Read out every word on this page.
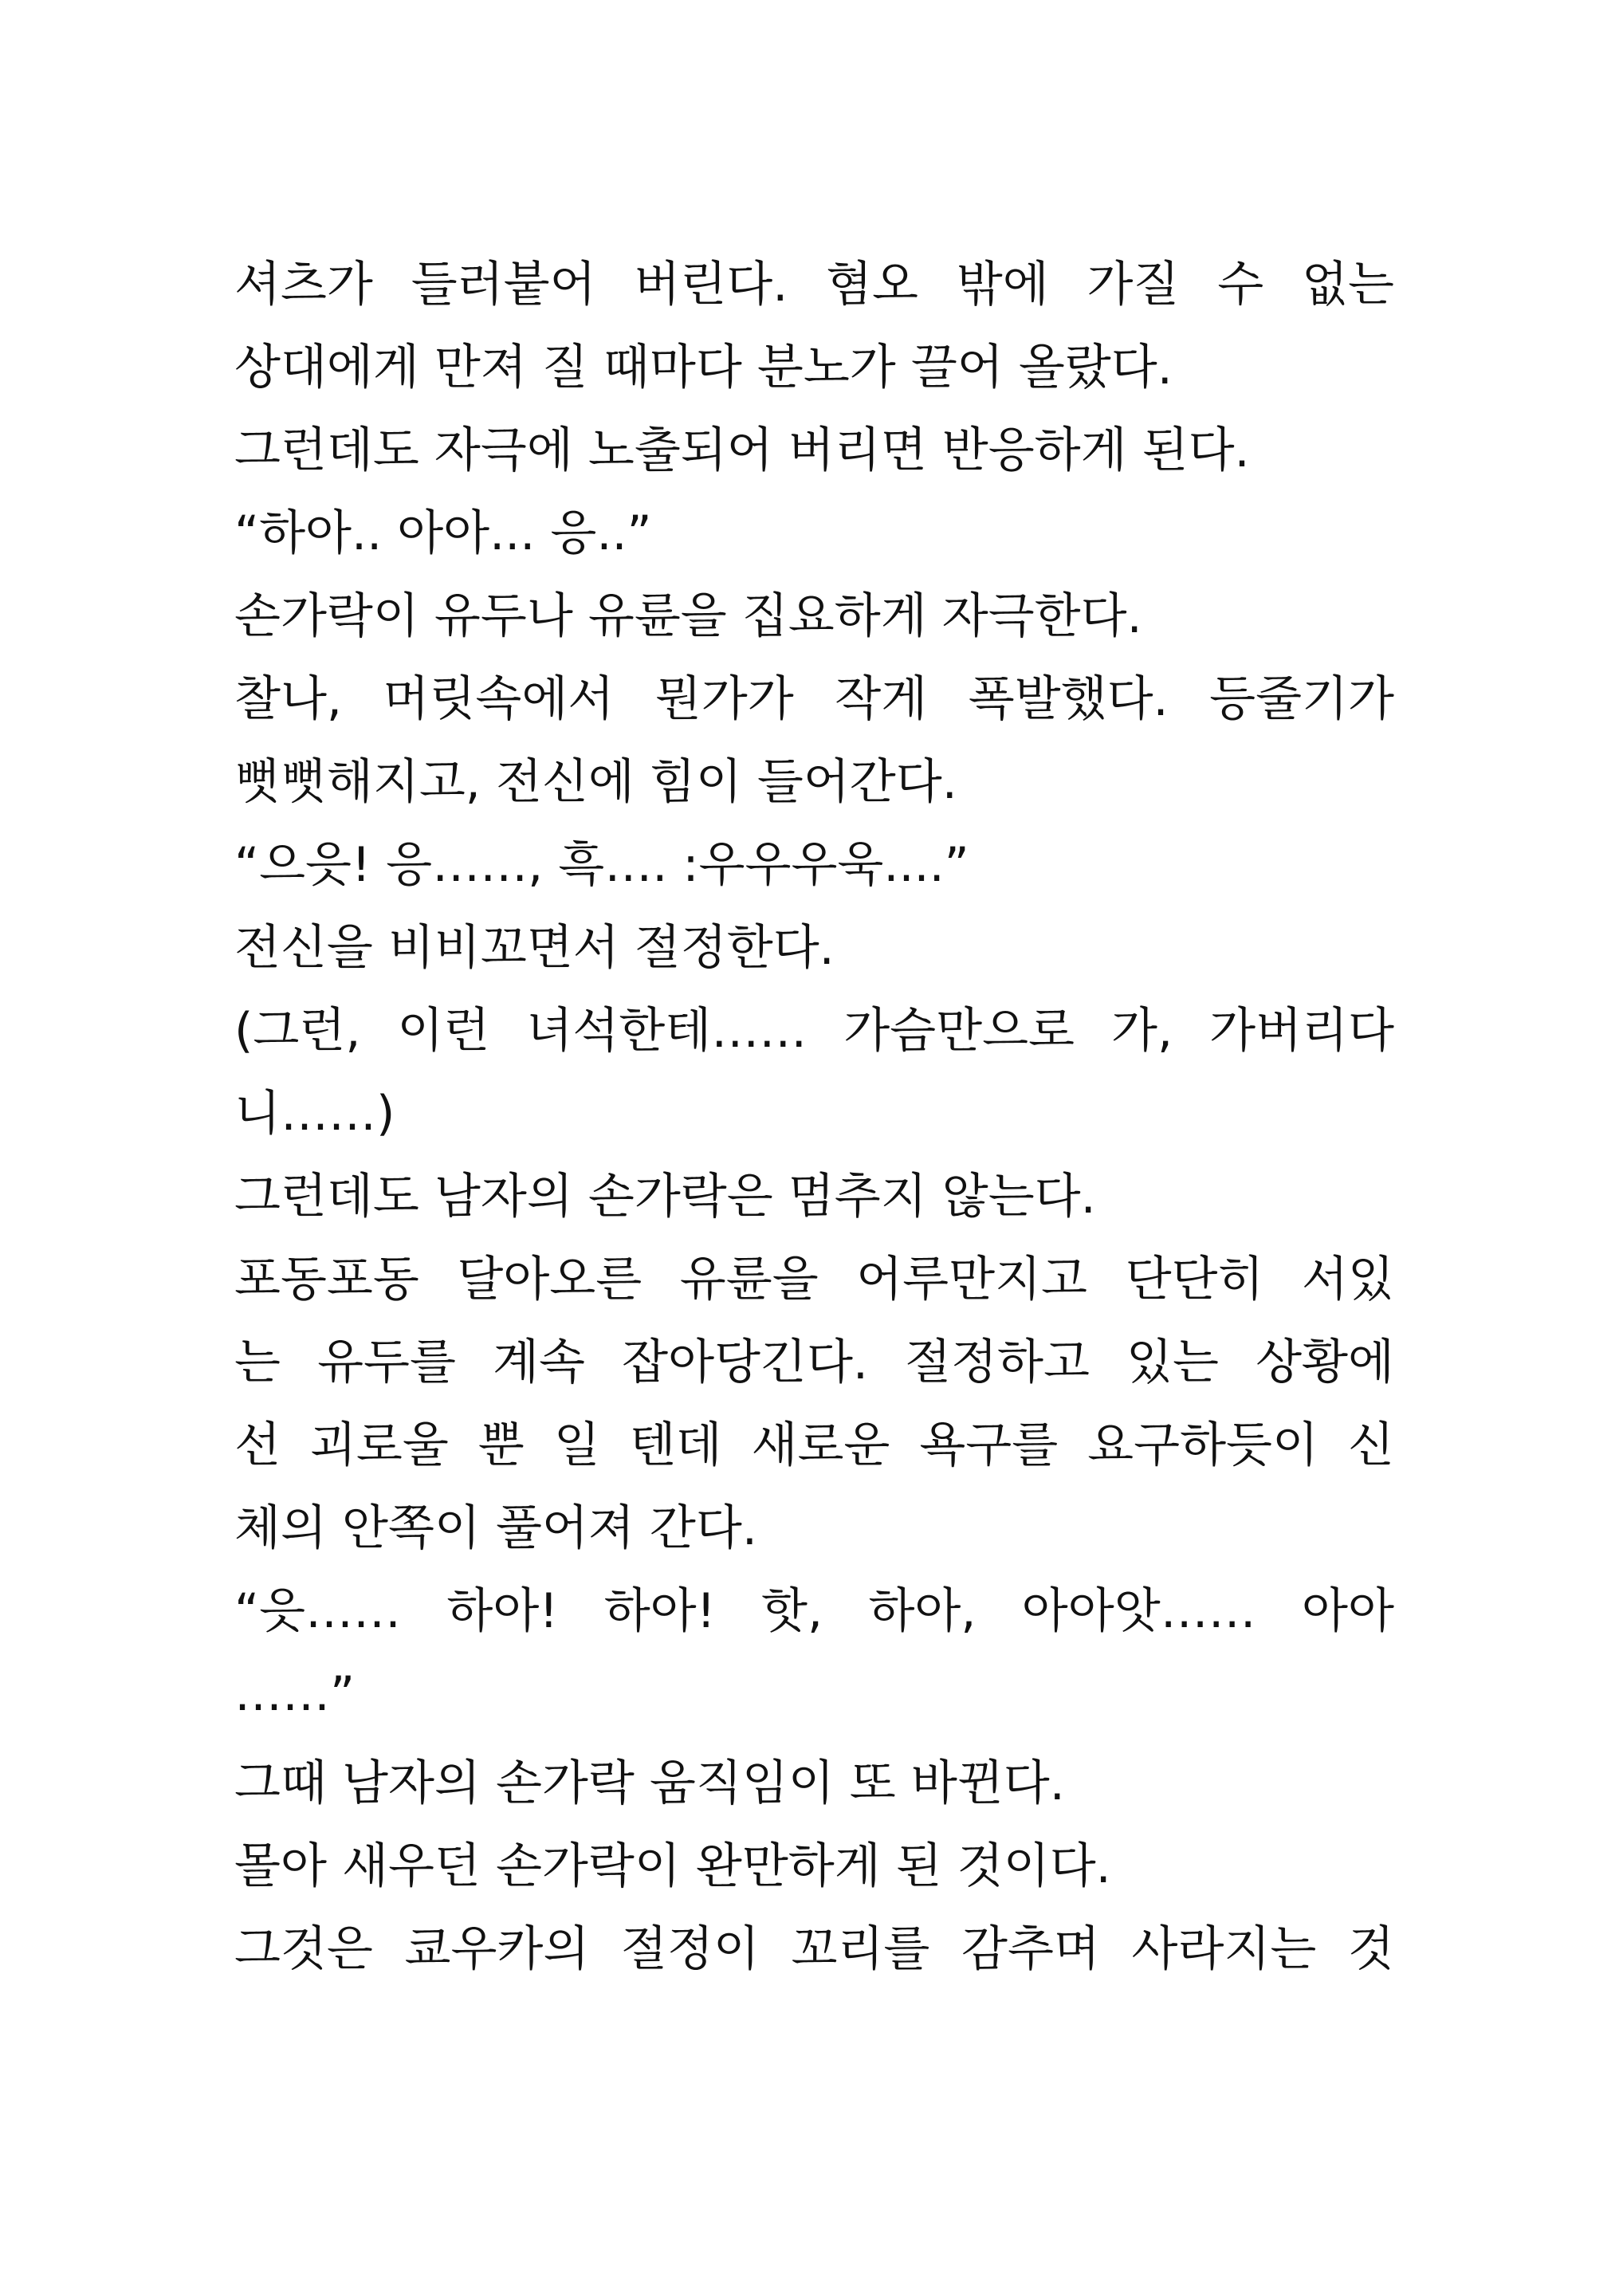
셔츠가 들러붙어 버린다. 혐오 밖에 가질 수 없는
상대에게 만져 질 때마다 분노가 끌어 올랐다.
그런데도 자극에 노출되어 버리면 반응하게 된다.
“하아.. 아아... 응..”
손가락이 유두나 유륜을 집요하게 자극한다.
찰나, 머릿속에서 뭔가가 작게 폭발했다. 등줄기가
뻣뻣해지고, 전신에 힘이 들어간다.
“으읏! 응……, 흑…. :우우우욱....”
전신을 비비꼬면서 절정한다.
(그런, 이런 녀석한테…… 가슴만으로 가, 가버리다
니……)
그런데도 남자의 손가락은 멈추지 않는다.
포동포동 달아오른 유륜을 어루만지고 단단히 서있
는 유두를 계속 잡아당긴다. 절정하고 있는 상황에
선 괴로울 뿐 일 텐데 새로운 욕구를 요구하듯이 신
체의 안쪽이 풀어져 간다.
“읏…… 하아! 하아! 핫, 하아, 아아앗…… 아아
……”
그때 남자의 손가락 움직임이 또 바뀐다.
몰아 새우던 손가락이 완만하게 된 것이다.
그것은 쿄우카의 절정이 꼬리를 감추며 사라지는 것
